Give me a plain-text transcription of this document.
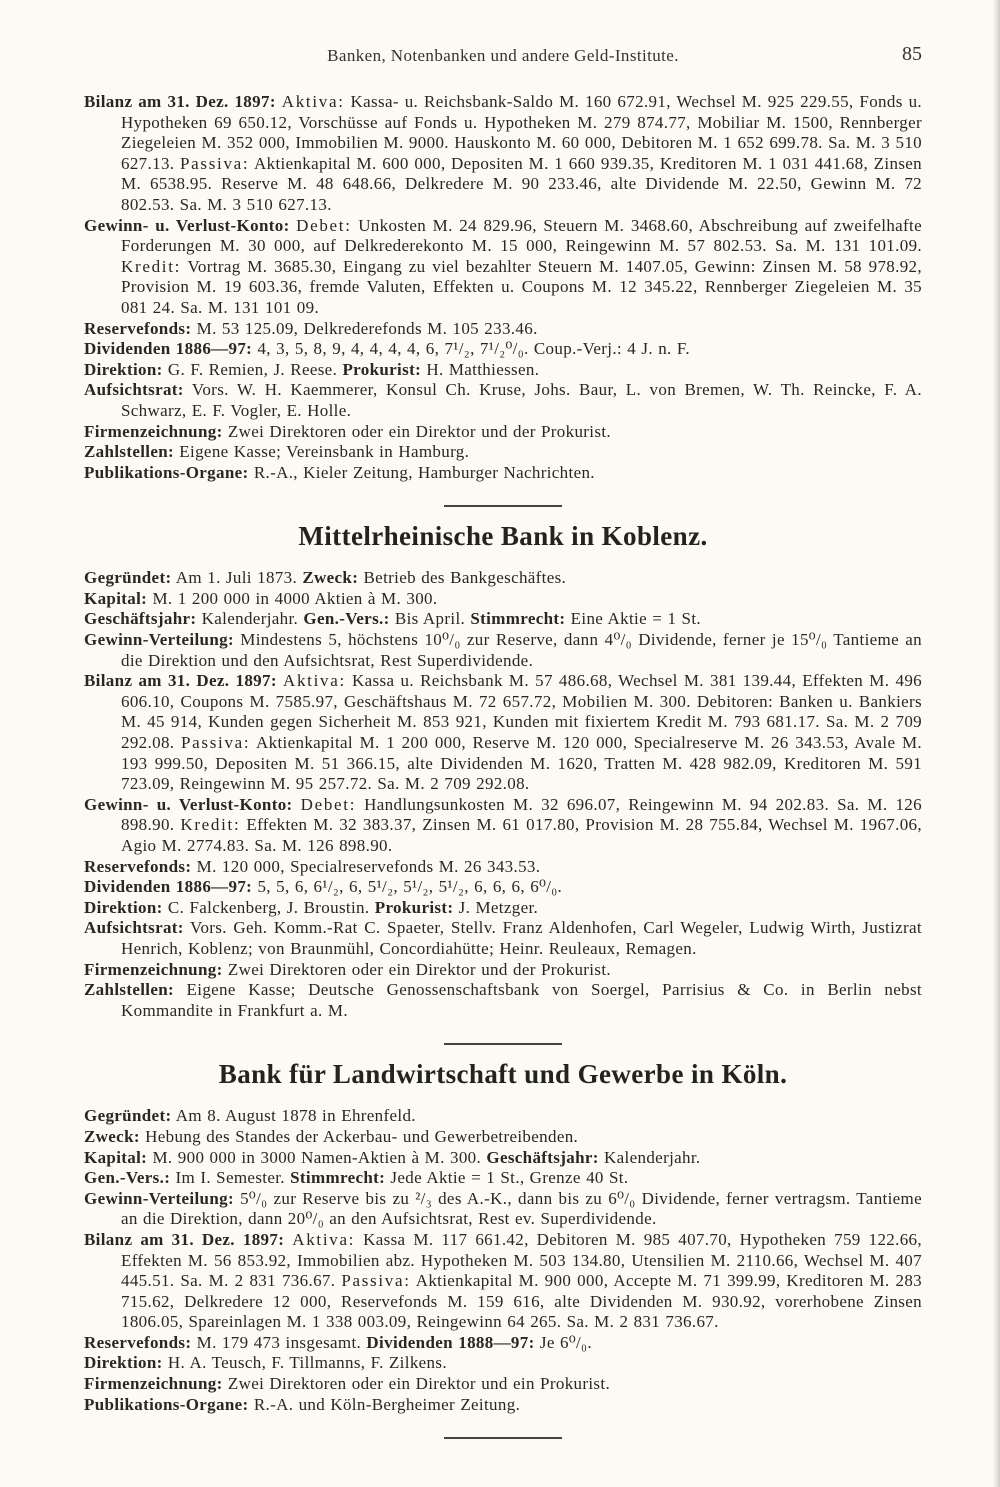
Banken, Notenbanken und andere Geld-Institute.	85

Bilanz am 31. Dez. 1897: Aktiva: Kassa- u. Reichsbank-Saldo M. 160 672.91, Wechsel M. 925 229.55, Fonds u. Hypotheken 69 650.12, Vorschüsse auf Fonds u. Hypotheken M. 279 874.77, Mobiliar M. 1500, Rennberger Ziegeleien M. 352 000, Immobilien M. 9000. Hauskonto M. 60 000, Debitoren M. 1 652 699.78. Sa. M. 3 510 627.13. Passiva: Aktienkapital M. 600 000, Depositen M. 1 660 939.35, Kreditoren M. 1 031 441.68, Zinsen M. 6538.95. Reserve M. 48 648.66, Delkredere M. 90 233.46, alte Dividende M. 22.50, Gewinn M. 72 802.53. Sa. M. 3 510 627.13.

Gewinn- u. Verlust-Konto: Debet: Unkosten M. 24 829.96, Steuern M. 3468.60, Abschreibung auf zweifelhafte Forderungen M. 30 000, auf Delkrederekonto M. 15 000, Reingewinn M. 57 802.53. Sa. M. 131 101.09. Kredit: Vortrag M. 3685.30, Eingang zu viel bezahlter Steuern M. 1407.05, Gewinn: Zinsen M. 58 978.92, Provision M. 19 603.36, fremde Valuten, Effekten u. Coupons M. 12 345.22, Rennberger Ziegeleien M. 35 081 24. Sa. M. 131 101 09.

Reservefonds: M. 53 125.09, Delkrederefonds M. 105 233.46.

Dividenden 1886—97: 4, 3, 5, 8, 9, 4, 4, 4, 4, 6, 7¹/₂, 7¹/₂⁰/₀. Coup.-Verj.: 4 J. n. F.

Direktion: G. F. Remien, J. Reese. Prokurist: H. Matthiessen.

Aufsichtsrat: Vors. W. H. Kaemmerer, Konsul Ch. Kruse, Johs. Baur, L. von Bremen, W. Th. Reincke, F. A. Schwarz, E. F. Vogler, E. Holle.

Firmenzeichnung: Zwei Direktoren oder ein Direktor und der Prokurist.

Zahlstellen: Eigene Kasse; Vereinsbank in Hamburg.

Publikations-Organe: R.-A., Kieler Zeitung, Hamburger Nachrichten.

Mittelrheinische Bank in Koblenz.

Gegründet: Am 1. Juli 1873. Zweck: Betrieb des Bankgeschäftes.

Kapital: M. 1 200 000 in 4000 Aktien à M. 300.

Geschäftsjahr: Kalenderjahr. Gen.-Vers.: Bis April. Stimmrecht: Eine Aktie = 1 St.

Gewinn-Verteilung: Mindestens 5, höchstens 10⁰/₀ zur Reserve, dann 4⁰/₀ Dividende, ferner je 15⁰/₀ Tantieme an die Direktion und den Aufsichtsrat, Rest Superdividende.

Bilanz am 31. Dez. 1897: Aktiva: Kassa u. Reichsbank M. 57 486.68, Wechsel M. 381 139.44, Effekten M. 496 606.10, Coupons M. 7585.97, Geschäftshaus M. 72 657.72, Mobilien M. 300. Debitoren: Banken u. Bankiers M. 45 914, Kunden gegen Sicherheit M. 853 921, Kunden mit fixiertem Kredit M. 793 681.17. Sa. M. 2 709 292.08. Passiva: Aktienkapital M. 1 200 000, Reserve M. 120 000, Specialreserve M. 26 343.53, Avale M. 193 999.50, Depositen M. 51 366.15, alte Dividenden M. 1620, Tratten M. 428 982.09, Kreditoren M. 591 723.09, Reingewinn M. 95 257.72. Sa. M. 2 709 292.08.

Gewinn- u. Verlust-Konto: Debet: Handlungsunkosten M. 32 696.07, Reingewinn M. 94 202.83. Sa. M. 126 898.90. Kredit: Effekten M. 32 383.37, Zinsen M. 61 017.80, Provision M. 28 755.84, Wechsel M. 1967.06, Agio M. 2774.83. Sa. M. 126 898.90.

Reservefonds: M. 120 000, Specialreservefonds M. 26 343.53.

Dividenden 1886—97: 5, 5, 6, 6¹/₂, 6, 5¹/₂, 5¹/₂, 5¹/₂, 6, 6, 6, 6⁰/₀.

Direktion: C. Falckenberg, J. Broustin. Prokurist: J. Metzger.

Aufsichtsrat: Vors. Geh. Komm.-Rat C. Spaeter, Stellv. Franz Aldenhofen, Carl Wegeler, Ludwig Wirth, Justizrat Henrich, Koblenz; von Braunmühl, Concordiahütte; Heinr. Reuleaux, Remagen.

Firmenzeichnung: Zwei Direktoren oder ein Direktor und der Prokurist.

Zahlstellen: Eigene Kasse; Deutsche Genossenschaftsbank von Soergel, Parrisius & Co. in Berlin nebst Kommandite in Frankfurt a. M.

Bank für Landwirtschaft und Gewerbe in Köln.

Gegründet: Am 8. August 1878 in Ehrenfeld.

Zweck: Hebung des Standes der Ackerbau- und Gewerbetreibenden.

Kapital: M. 900 000 in 3000 Namen-Aktien à M. 300. Geschäftsjahr: Kalenderjahr.

Gen.-Vers.: Im I. Semester. Stimmrecht: Jede Aktie = 1 St., Grenze 40 St.

Gewinn-Verteilung: 5⁰/₀ zur Reserve bis zu ²/₃ des A.-K., dann bis zu 6⁰/₀ Dividende, ferner vertragsm. Tantieme an die Direktion, dann 20⁰/₀ an den Aufsichtsrat, Rest ev. Superdividende.

Bilanz am 31. Dez. 1897: Aktiva: Kassa M. 117 661.42, Debitoren M. 985 407.70, Hypotheken 759 122.66, Effekten M. 56 853.92, Immobilien abz. Hypotheken M. 503 134.80, Utensilien M. 2110.66, Wechsel M. 407 445.51. Sa. M. 2 831 736.67. Passiva: Aktienkapital M. 900 000, Accepte M. 71 399.99, Kreditoren M. 283 715.62, Delkredere 12 000, Reservefonds M. 159 616, alte Dividenden M. 930.92, vorerhobene Zinsen 1806.05, Spareinlagen M. 1 338 003.09, Reingewinn 64 265. Sa. M. 2 831 736.67.

Reservefonds: M. 179 473 insgesamt. Dividenden 1888—97: Je 6⁰/₀.

Direktion: H. A. Teusch, F. Tillmanns, F. Zilkens.

Firmenzeichnung: Zwei Direktoren oder ein Direktor und ein Prokurist.

Publikations-Organe: R.-A. und Köln-Bergheimer Zeitung.
